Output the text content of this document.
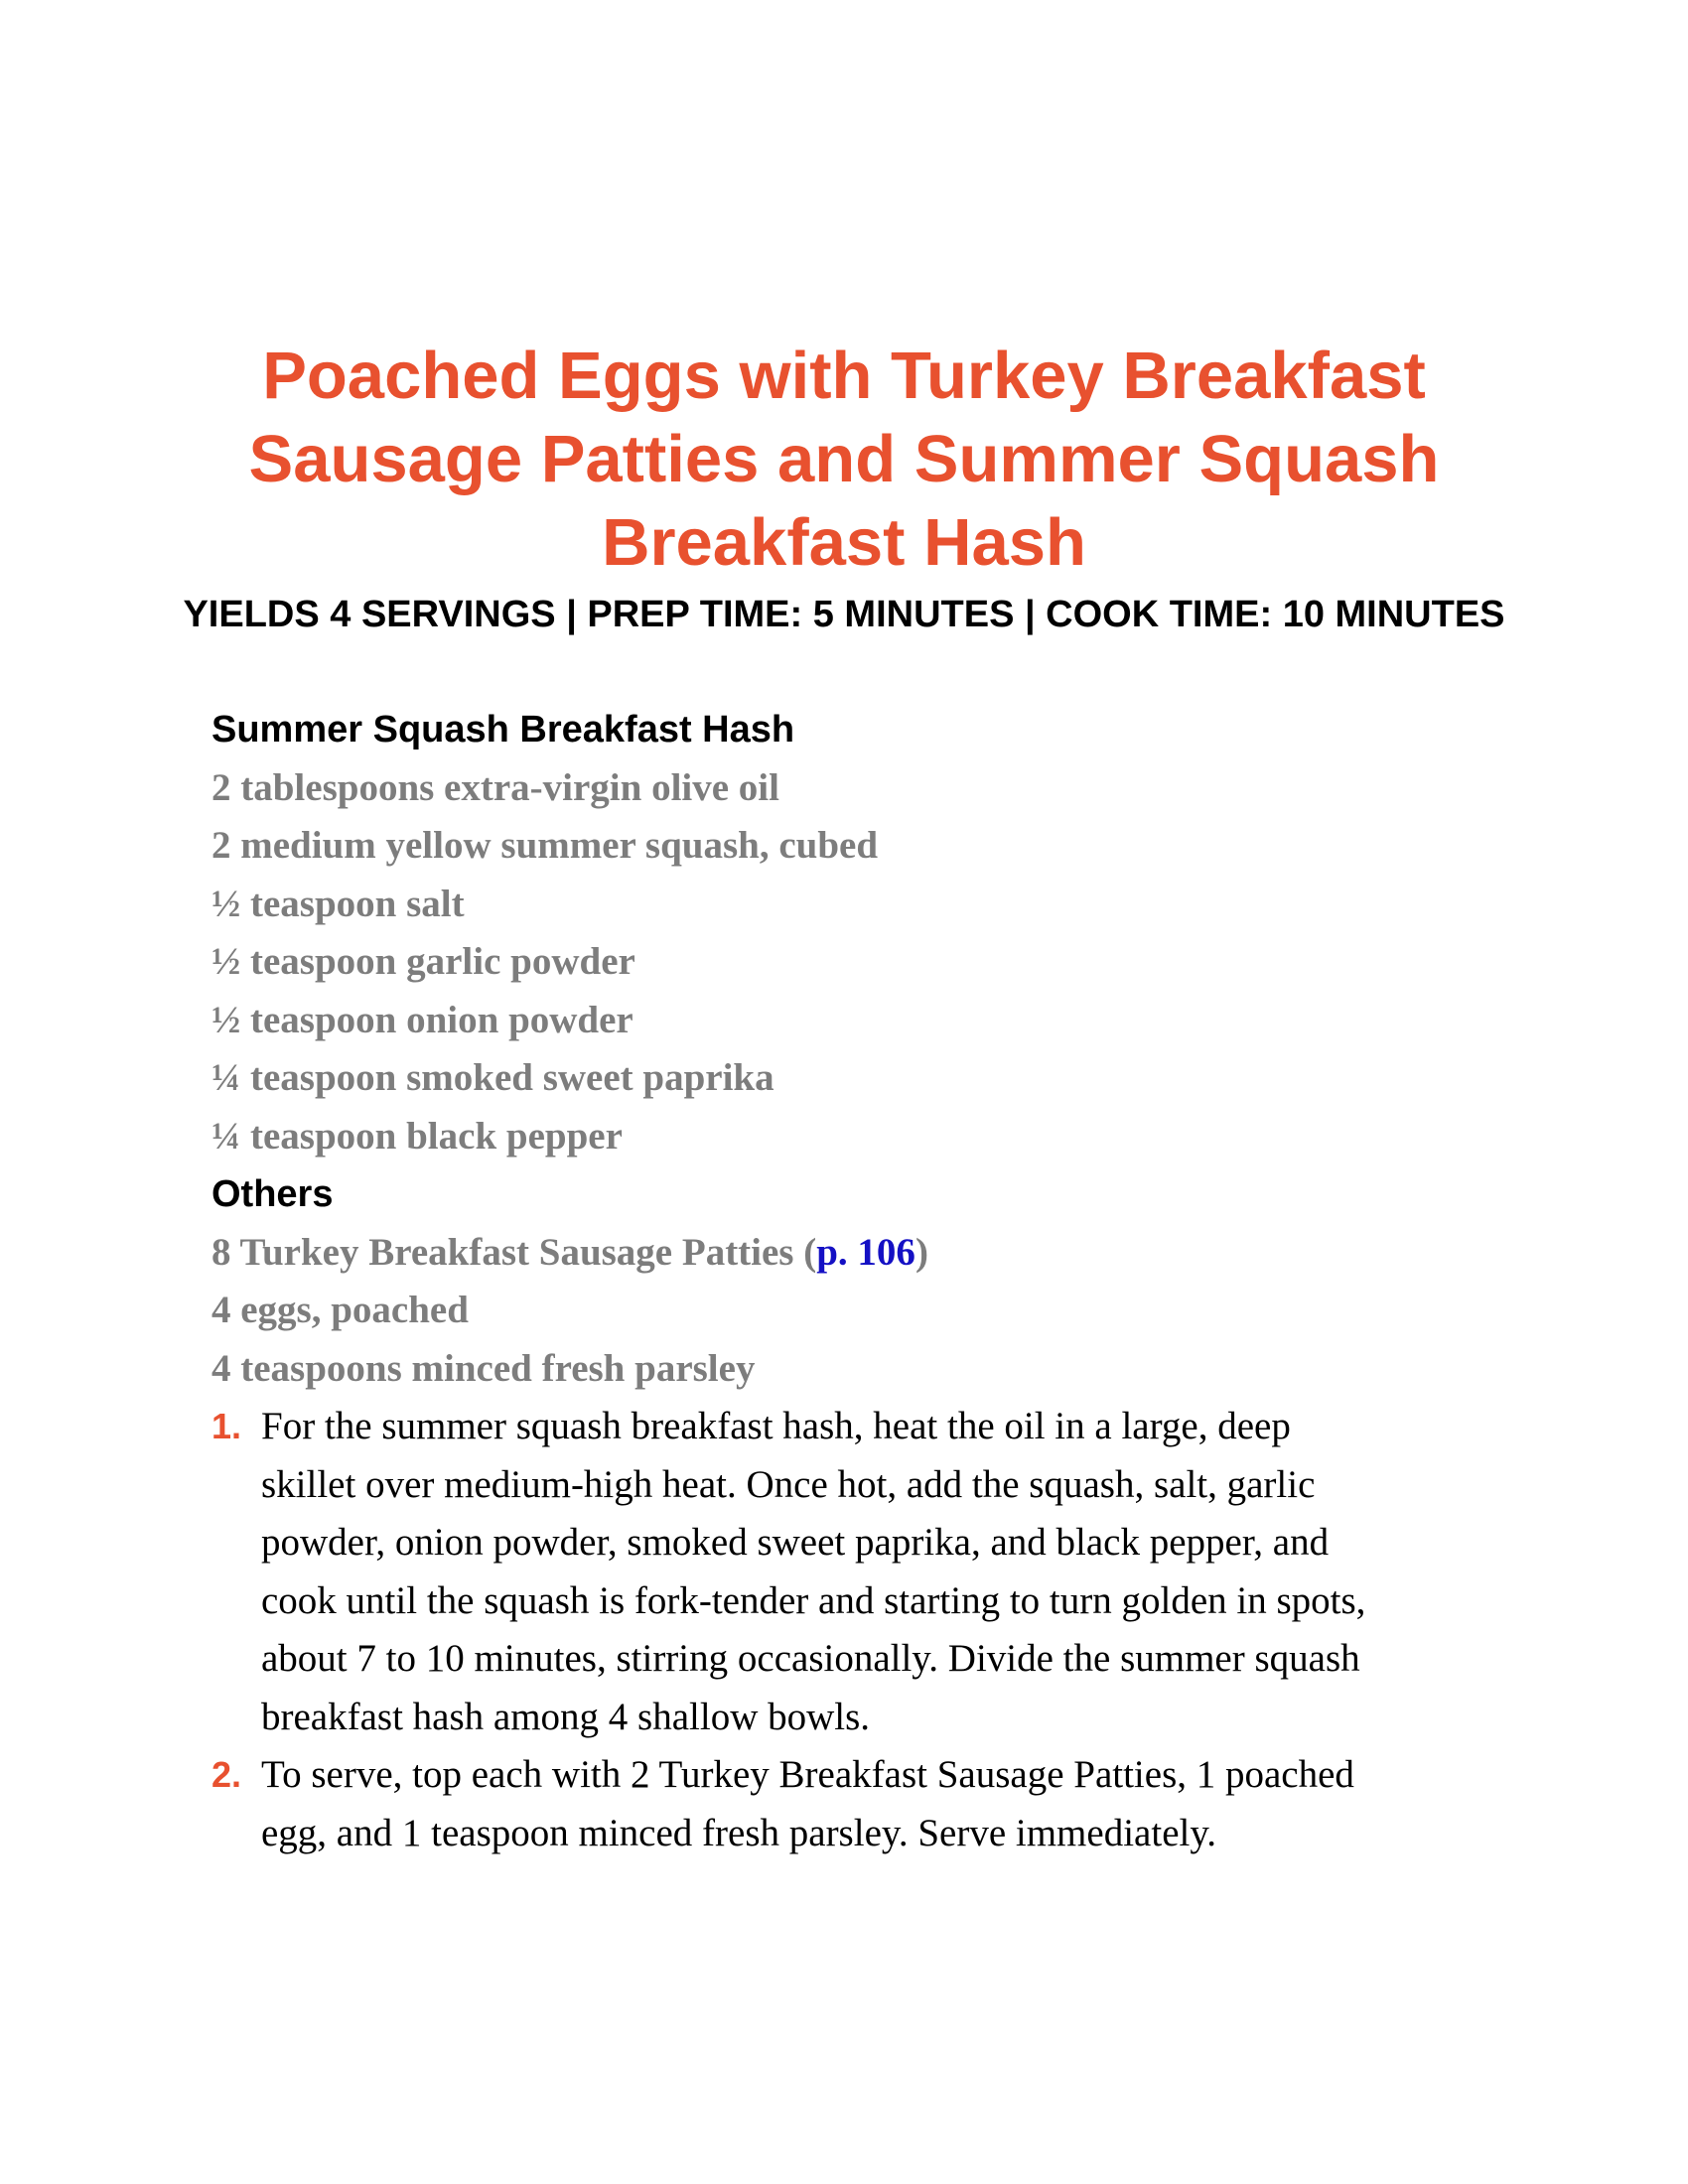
Poached Eggs with Turkey Breakfast Sausage Patties and Summer Squash Breakfast Hash
YIELDS 4 SERVINGS | PREP TIME: 5 MINUTES | COOK TIME: 10 MINUTES
Summer Squash Breakfast Hash
2 tablespoons extra-virgin olive oil
2 medium yellow summer squash, cubed
½ teaspoon salt
½ teaspoon garlic powder
½ teaspoon onion powder
¼ teaspoon smoked sweet paprika
¼ teaspoon black pepper
Others
8 Turkey Breakfast Sausage Patties (p. 106)
4 eggs, poached
4 teaspoons minced fresh parsley
1. For the summer squash breakfast hash, heat the oil in a large, deep skillet over medium-high heat. Once hot, add the squash, salt, garlic powder, onion powder, smoked sweet paprika, and black pepper, and cook until the squash is fork-tender and starting to turn golden in spots, about 7 to 10 minutes, stirring occasionally. Divide the summer squash breakfast hash among 4 shallow bowls.
2. To serve, top each with 2 Turkey Breakfast Sausage Patties, 1 poached egg, and 1 teaspoon minced fresh parsley. Serve immediately.
